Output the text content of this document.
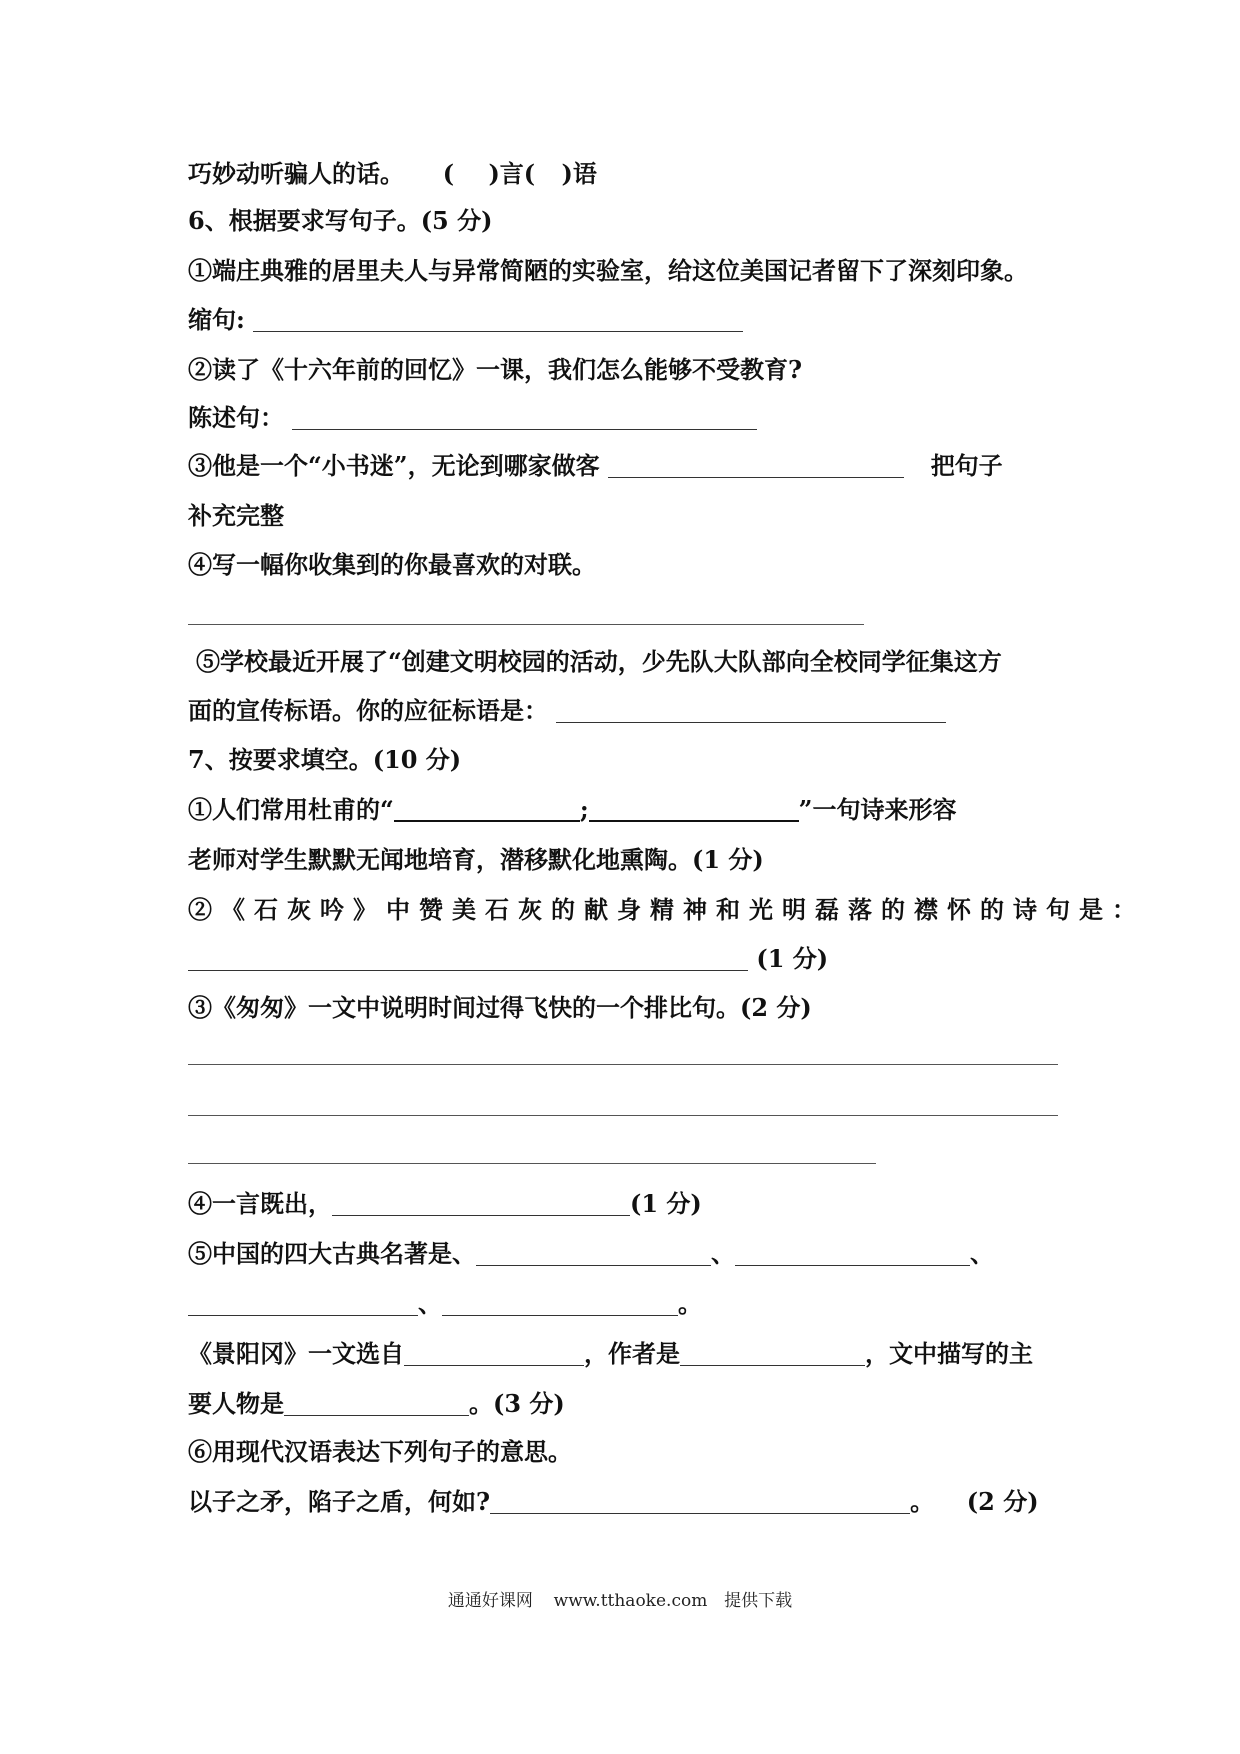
巧妙动听骗人的话。 ( )言( )语
6、根据要求写句子。(5 分)
①端庄典雅的居里夫人与异常简陋的实验室，给这位美国记者留下了深刻印象。
缩句:
②读了《十六年前的回忆》一课，我们怎么能够不受教育?
陈述句：
③他是一个“小书迷”，无论到哪家做客	把句子
补充完整
④写一幅你收集到的你最喜欢的对联。
⑤学校最近开展了“创建文明校园的活动，少先队大队部向全校同学征集这方
面的宣传标语。你的应征标语是：
7、按要求填空。(10 分)
①人们常用杜甫的“	;	”一句诗来形容
老师对学生默默无闻地培育，潜移默化地熏陶。(1 分)
②《石灰吟》中赞美石灰的献身精神和光明磊落的襟怀的诗句是：
(1 分)
③《匆匆》一文中说明时间过得飞快的一个排比句。(2 分)
④一言既出，	(1 分)
⑤中国的四大古典名著是、	、	、
、	。
《景阳冈》一文选自	，作者是	，文中描写的主
要人物是	。(3 分)
⑥用现代汉语表达下列句子的意思。
以子之矛，陷子之盾，何如?	。 (2 分)
通通好课网 www.tthaoke.com 提供下载
